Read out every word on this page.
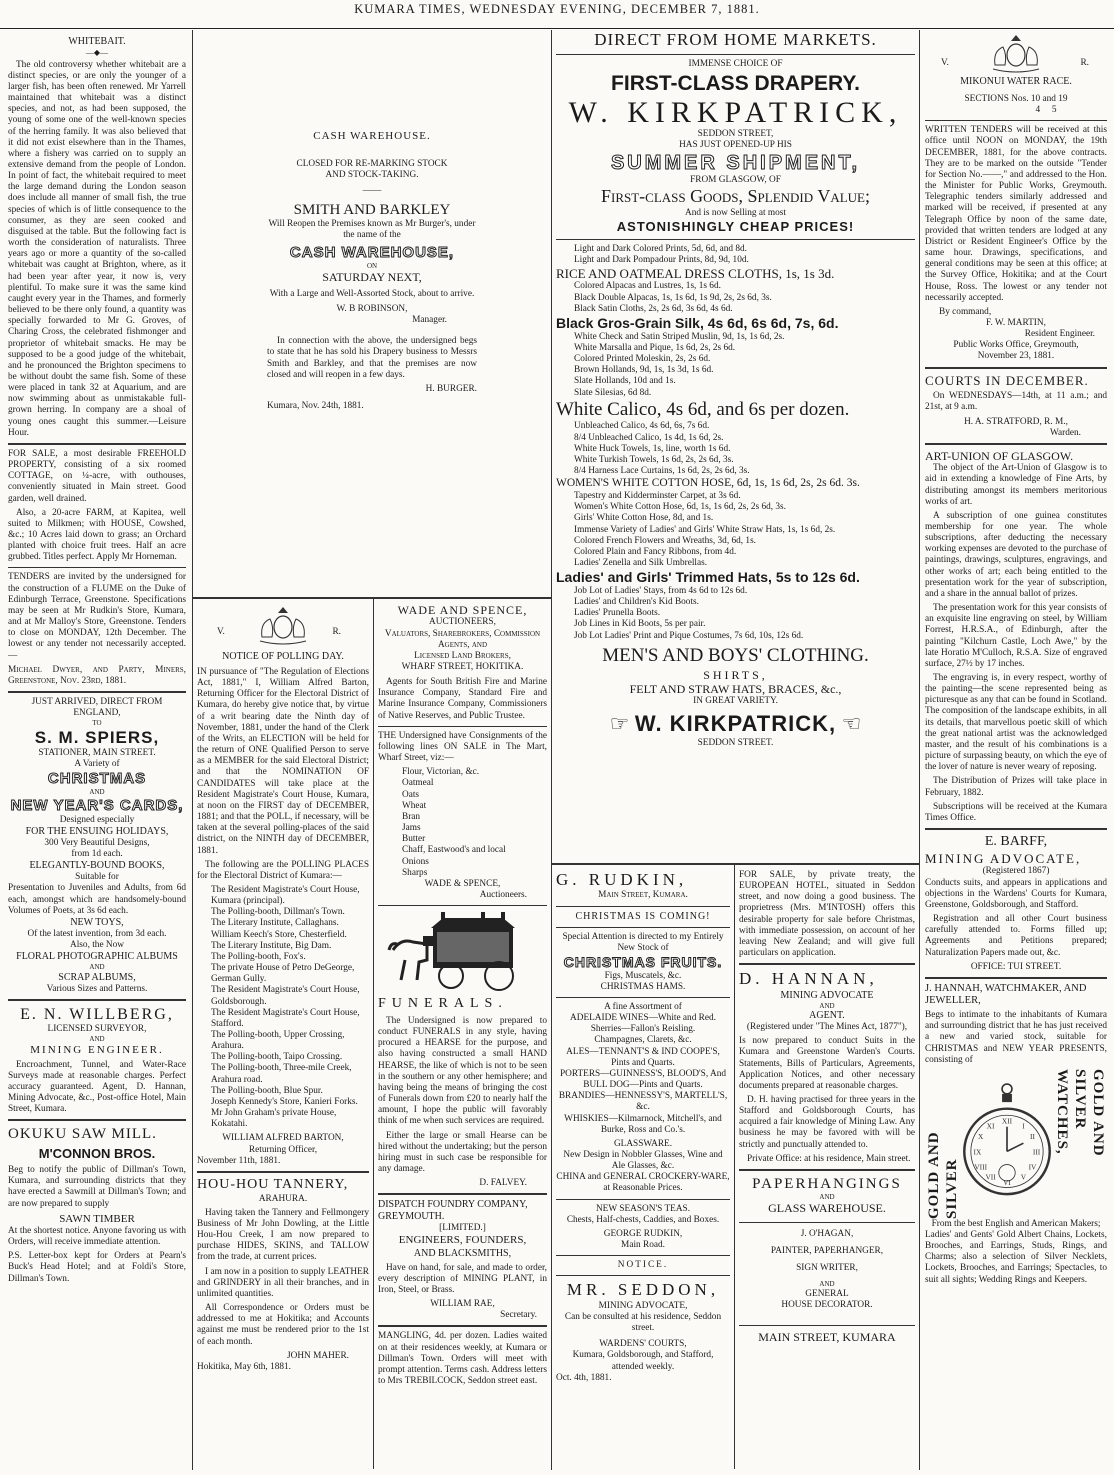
KUMARA TIMES, WEDNESDAY EVENING, DECEMBER 7, 1881.
WHITEBAIT.
—◆—

The old controversy whether whitebait are a distinct species, or are only the younger of a larger fish, has been often renewed. Mr Yarrell maintained that whitebait was a distinct species, and not, as had been supposed, the young of some one of the well-known species of the herring family. It was also believed that it did not exist elsewhere than in the Thames, where a fishery was carried on to supply an extensive demand from the people of London. In point of fact, the whitebait required to meet the large demand during the London season does include all manner of small fish, the true species of which is of little consequence to the consumer, as they are seen cooked and disguised at the table. But the following fact is worth the consideration of naturalists. Three years ago or more a quantity of the so-called whitebait was caught at Brighton, where, as it had been year after year, it now is, very plentiful. To make sure it was the same kind caught every year in the Thames, and formerly believed to be there only found, a quantity was specially forwarded to Mr G. Groves, of Charing Cross, the celebrated fishmonger and proprietor of whitebait smacks. He may be supposed to be a good judge of the whitebait, and he pronounced the Brighton specimens to be without doubt the same fish. Some of these were placed in tank 32 at Aquarium, and are now swimming about as unmistakable full-grown herring. In company are a shoal of young ones caught this summer.—Leisure Hour.

FOR SALE, a most desirable FREEHOLD PROPERTY, consisting of a six roomed COTTAGE, on ¼-acre, with outhouses, conveniently situated in Main street. Good garden, well drained.

Also, a 20-acre FARM, at Kapitea, well suited to Milkmen; with HOUSE, Cowshed, &c.; 10 Acres laid down to grass; an Orchard planted with choice fruit trees. Half an acre grubbed. Titles perfect. Apply Mr Horneman.

TENDERS are invited by the undersigned for the construction of a FLUME on the Duke of Edinburgh Terrace, Greenstone. Specifications may be seen at Mr Rudkin's Store, Kumara, and at Mr Malloy's Store, Greenstone. Tenders to close on MONDAY, 12th December. The lowest or any tender not necessarily accepted.—

Michael Dwyer, and Party, Miners, Greenstone, Nov. 23rd, 1881.

JUST ARRIVED, DIRECT FROM ENGLAND,
TO
S. M. SPIERS,
STATIONER, MAIN STREET.
A Variety of
CHRISTMAS
AND
NEW YEAR'S CARDS,
Designed especially
FOR THE ENSUING HOLIDAYS,
300 Very Beautiful Designs,
from 1d each.
ELEGANTLY-BOUND BOOKS,
Suitable for
Presentation to Juveniles and Adults, from 6d each, amongst which are handsomely-bound Volumes of Poets, at 3s 6d each.
NEW TOYS,
Of the latest invention, from 3d each.
Also, the Now
FLORAL PHOTOGRAPHIC ALBUMS
AND
SCRAP ALBUMS,
Various Sizes and Patterns.
E. N. WILLBERG,
LICENSED SURVEYOR,
AND
MINING ENGINEER.

Encroachment, Tunnel, and Water-Race Surveys made at reasonable charges. Perfect accuracy guaranteed. Agent, D. Hannan, Mining Advocate, &c., Post-office Hotel, Main Street, Kumara.

OKUKU SAW MILL.
M'CONNON BROS.

Beg to notify the public of Dillman's Town, Kumara, and surrounding districts that they have erected a Sawmill at Dillman's Town; and are now prepared to supply

SAWN TIMBER

At the shortest notice. Anyone favoring us with Orders, will receive immediate attention.

P.S. Letter-box kept for Orders at Pearn's Buck's Head Hotel; and at Foldi's Store, Dillman's Town.

CASH WAREHOUSE.
CLOSED FOR RE-MARKING STOCK
AND STOCK-TAKING.
——
SMITH AND BARKLEY
Will Reopen the Premises known as Mr Burger's, under the name of the
CASH WAREHOUSE,
ON
SATURDAY NEXT,
With a Large and Well-Assorted Stock, about to arrive.
W. B ROBINSON,
Manager.

In connection with the above, the undersigned begs to state that he has sold his Drapery business to Messrs Smith and Barkley, and that the premises are now closed and will reopen in a few days.

H. BURGER.
Kumara, Nov. 24th, 1881.
V.	R.
NOTICE OF POLLING DAY.

IN pursuance of "The Regulation of Elections Act, 1881," I, William Alfred Barton, Returning Officer for the Electoral District of Kumara, do hereby give notice that, by virtue of a writ bearing date the Ninth day of November, 1881, under the hand of the Clerk of the Writs, an ELECTION will be held for the return of ONE Qualified Person to serve as a MEMBER for the said Electoral District; and that the NOMINATION OF CANDIDATES will take place at the Resident Magistrate's Court House, Kumara, at noon on the FIRST day of DECEMBER, 1881; and that the POLL, if necessary, will be taken at the several polling-places of the said district, on the NINTH day of DECEMBER, 1881.

The following are the POLLING PLACES for the Electoral District of Kumara:—

The Resident Magistrate's Court House, Kumara (principal).
The Polling-booth, Dillman's Town.
The Literary Institute, Callaghans.
William Keech's Store, Chesterfield.
The Literary Institute, Big Dam.
The Polling-booth, Fox's.
The private House of Petro DeGeorge, German Gully.
The Resident Magistrate's Court House, Goldsborough.
The Resident Magistrate's Court House, Stafford.
The Polling-booth, Upper Crossing, Arahura.
The Polling-booth, Taipo Crossing.
The Polling-booth, Three-mile Creek, Arahura road.
The Polling-booth, Blue Spur.
Joseph Kennedy's Store, Kanieri Forks.
Mr John Graham's private House, Kokatahi.
WILLIAM ALFRED BARTON,
Returning Officer,
November 11th, 1881.
HOU-HOU TANNERY,
ARAHURA.

Having taken the Tannery and Fellmongery Business of Mr John Dowling, at the Little Hou-Hou Creek, I am now prepared to purchase HIDES, SKINS, and TALLOW from the trade, at current prices.

I am now in a position to supply LEATHER and GRINDERY in all their branches, and in unlimited quantities.

All Correspondence or Orders must be addressed to me at Hokitika; and Accounts against me must be rendered prior to the 1st of each month.

JOHN MAHER.
Hokitika, May 6th, 1881.
WADE AND SPENCE,
AUCTIONEERS,
Valuators, Sharebrokers, Commission Agents, and
Licensed Land Brokers,
WHARF STREET, HOKITIKA.

Agents for South British Fire and Marine Insurance Company, Standard Fire and Marine Insurance Company, Commissioners of Native Reserves, and Public Trustee.

THE Undersigned have Consignments of the following lines ON SALE in The Mart, Wharf Street, viz:—

Flour, Victorian, &c.
Oatmeal
Oats
Wheat
Bran
Jams
Butter
Chaff, Eastwood's and local
Onions
Sharps
WADE & SPENCE,
Auctioneers.
FUNERALS.

The Undersigned is now prepared to conduct FUNERALS in any style, having procured a HEARSE for the purpose, and also having constructed a small HAND HEARSE, the like of which is not to be seen in the southern or any other hemisphere; and having being the means of bringing the cost of Funerals down from £20 to nearly half the amount, I hope the public will favorably think of me when such services are required.

Either the large or small Hearse can be hired without the undertaking; but the person hiring must in such case be responsible for any damage.

D. FALVEY.
DISPATCH FOUNDRY COMPANY, GREYMOUTH.
[LIMITED.]
ENGINEERS, FOUNDERS,
AND BLACKSMITHS,

Have on hand, for sale, and made to order, every description of MINING PLANT, in Iron, Steel, or Brass.

WILLIAM RAE,
Secretary.

MANGLING, 4d. per dozen. Ladies waited on at their residences weekly, at Kumara or Dillman's Town. Orders will meet with prompt attention. Terms cash. Address letters to Mrs TREBILCOCK, Seddon street east.

DIRECT FROM HOME MARKETS.
IMMENSE CHOICE OF
FIRST-CLASS DRAPERY.
W. KIRKPATRICK,
SEDDON STREET,
HAS JUST OPENED-UP HIS
SUMMER SHIPMENT,
FROM GLASGOW, OF
First-class Goods, Splendid Value;
And is now Selling at most
ASTONISHINGLY CHEAP PRICES!
Light and Dark Colored Prints, 5d, 6d, and 8d.
Light and Dark Pompadour Prints, 8d, 9d, 10d.
RICE AND OATMEAL DRESS CLOTHS, 1s, 1s 3d.
Colored Alpacas and Lustres, 1s, 1s 6d.
Black Double Alpacas, 1s, 1s 6d, 1s 9d, 2s, 2s 6d, 3s.
Black Satin Cloths, 2s, 2s 6d, 3s 6d, 4s 6d.
Black Gros-Grain Silk, 4s 6d, 6s 6d, 7s, 6d.
White Check and Satin Striped Muslin, 9d, 1s, 1s 6d, 2s.
White Marsalla and Pique, 1s 6d, 2s, 2s 6d.
Colored Printed Moleskin, 2s, 2s 6d.
Brown Hollands, 9d, 1s, 1s 3d, 1s 6d.
Slate Hollands, 10d and 1s.
Slate Silesias, 6d 8d.
White Calico, 4s 6d, and 6s per dozen.
Unbleached Calico, 4s 6d, 6s, 7s 6d.
8/4 Unbleached Calico, 1s 4d, 1s 6d, 2s.
White Huck Towels, 1s, line, worth 1s 6d.
White Turkish Towels, 1s 6d, 2s, 2s 6d, 3s.
8/4 Harness Lace Curtains, 1s 6d, 2s, 2s 6d, 3s.
WOMEN'S WHITE COTTON HOSE, 6d, 1s, 1s 6d, 2s, 2s 6d. 3s.
Tapestry and Kidderminster Carpet, at 3s 6d.
Women's White Cotton Hose, 6d, 1s, 1s 6d, 2s, 2s 6d, 3s.
Girls' White Cotton Hose, 8d, and 1s.
Immense Variety of Ladies' and Girls' White Straw Hats, 1s, 1s 6d, 2s.
Colored French Flowers and Wreaths, 3d, 6d, 1s.
Colored Plain and Fancy Ribbons, from 4d.
Ladies' Zenella and Silk Umbrellas.
Ladies' and Girls' Trimmed Hats, 5s to 12s 6d.
Job Lot of Ladies' Stays, from 4s 6d to 12s 6d.
Ladies' and Children's Kid Boots.
Ladies' Prunella Boots.
Job Lines in Kid Boots, 5s per pair.
Job Lot Ladies' Print and Pique Costumes, 7s 6d, 10s, 12s 6d.
MEN'S AND BOYS' CLOTHING.
SHIRTS,
FELT AND STRAW HATS, BRACES, &c.,
IN GREAT VARIETY.
☞ W. KIRKPATRICK, ☜
SEDDON STREET.
G. RUDKIN,
Main Street, Kumara.
CHRISTMAS IS COMING!
Special Attention is directed to my Entirely New Stock of
CHRISTMAS FRUITS.
Figs, Muscatels, &c.
CHRISTMAS HAMS.
A fine Assortment of
ADELAIDE WINES—White and Red.
Sherries—Fallon's Reisling.
Champagnes, Clarets, &c.
ALES—TENNANT'S & IND COOPE'S, Pints and Quarts.
PORTERS—GUINNESS'S, BLOOD'S, And BULL DOG—Pints and Quarts.
BRANDIES—HENNESSY'S, MARTELL'S, &c.
WHISKIES—Kilmarnock, Mitchell's, and Burke, Ross and Co.'s.
GLASSWARE.
New Design in Nobbler Glasses, Wine and Ale Glasses, &c.
CHINA and GENERAL CROCKERY-WARE, at Reasonable Prices.
NEW SEASON'S TEAS.
Chests, Half-chests, Caddies, and Boxes.
GEORGE RUDKIN,
Main Road.
NOTICE.
MR. SEDDON,
MINING ADVOCATE,
Can be consulted at his residence, Seddon street.
WARDENS' COURTS,
Kumara, Goldsborough, and Stafford, attended weekly.
Oct. 4th, 1881.

FOR SALE, by private treaty, the EUROPEAN HOTEL, situated in Seddon street, and now doing a good business. The proprietress (Mrs. M'INTOSH) offers this desirable property for sale before Christmas, with immediate possession, on account of her leaving New Zealand; and will give full particulars on application.

D. HANNAN,
MINING ADVOCATE
AND
AGENT.
(Registered under "The Mines Act, 1877"),

Is now prepared to conduct Suits in the Kumara and Greenstone Warden's Courts. Statements, Bills of Particulars, Agreements, Application Notices, and other necessary documents prepared at reasonable charges.

D. H. having practised for three years in the Stafford and Goldsborough Courts, has acquired a fair knowledge of Mining Law. Any business he may be favored with will be strictly and punctually attended to.

Private Office: at his residence, Main street.

PAPERHANGINGS
AND
GLASS WAREHOUSE.
J. O'HAGAN,
PAINTER, PAPERHANGER,
SIGN WRITER,
AND
GENERAL
HOUSE DECORATOR.
MAIN STREET, KUMARA
V.	R.
MIKONUI WATER RACE.
SECTIONS Nos. 10 and 19
4 5

WRITTEN TENDERS will be received at this office until NOON on MONDAY, the 19th DECEMBER, 1881, for the above contracts. They are to be marked on the outside "Tender for Section No.——," and addressed to the Hon. the Minister for Public Works, Greymouth. Telegraphic tenders similarly addressed and marked will be received, if presented at any Telegraph Office by noon of the same date, provided that written tenders are lodged at any District or Resident Engineer's Office by the same hour. Drawings, specifications, and general conditions may be seen at this office; at the Survey Office, Hokitika; and at the Court House, Ross. The lowest or any tender not necessarily accepted.

By command,
F. W. MARTIN,
Resident Engineer.
Public Works Office, Greymouth,
November 23, 1881.
COURTS IN DECEMBER.

On WEDNESDAYS—14th, at 11 a.m.; and 21st, at 9 a.m.

H. A. STRATFORD, R. M.,
Warden.
ART-UNION OF GLASGOW.

The object of the Art-Union of Glasgow is to aid in extending a knowledge of Fine Arts, by distributing amongst its members meritorious works of art.

A subscription of one guinea constitutes membership for one year. The whole subscriptions, after deducting the necessary working expenses are devoted to the purchase of paintings, drawings, sculptures, engravings, and other works of art; each being entitled to the presentation work for the year of subscription, and a share in the annual ballot of prizes.

The presentation work for this year consists of an exquisite line engraving on steel, by William Forrest, H.R.S.A., of Edinburgh, after the painting "Kilchurn Castle, Loch Awe," by the late Horatio M'Culloch, R.S.A. Size of engraved surface, 27½ by 17 inches.

The engraving is, in every respect, worthy of the painting—the scene represented being as picturesque as any that can be found in Scotland. The composition of the landscape exhibits, in all its details, that marvellous poetic skill of which the great national artist was the acknowledged master, and the result of his combinations is a picture of surpassing beauty, on which the eye of the lover of nature is never weary of reposing.

The Distribution of Prizes will take place in February, 1882.

Subscriptions will be received at the Kumara Times Office.

E. BARFF,
MINING ADVOCATE,
(Registered 1867)

Conducts suits, and appears in applications and objections in the Wardens' Courts for Kumara, Greenstone, Goldsborough, and Stafford.

Registration and all other Court business carefully attended to. Forms filled up; Agreements and Petitions prepared; Naturalization Papers made out, &c.

OFFICE: TUI STREET.
J. HANNAH, WATCHMAKER, AND JEWELLER,

Begs to intimate to the inhabitants of Kumara and surrounding district that he has just received a new and varied stock, suitable for CHRISTMAS and NEW YEAR PRESENTS, consisting of

GOLD AND SILVER
XII
III
VI
IX
I
II
IV
V
VII
VIII
X
XI	GOLD AND SILVER WATCHES,
From the best English and American Makers;

Ladies' and Gents' Gold Albert Chains, Lockets, Brooches, and Earrings, Studs, Rings, and Charms; also a selection of Silver Necklets, Lockets, Brooches, and Earrings; Spectacles, to suit all sights; Wedding Rings and Keepers.
